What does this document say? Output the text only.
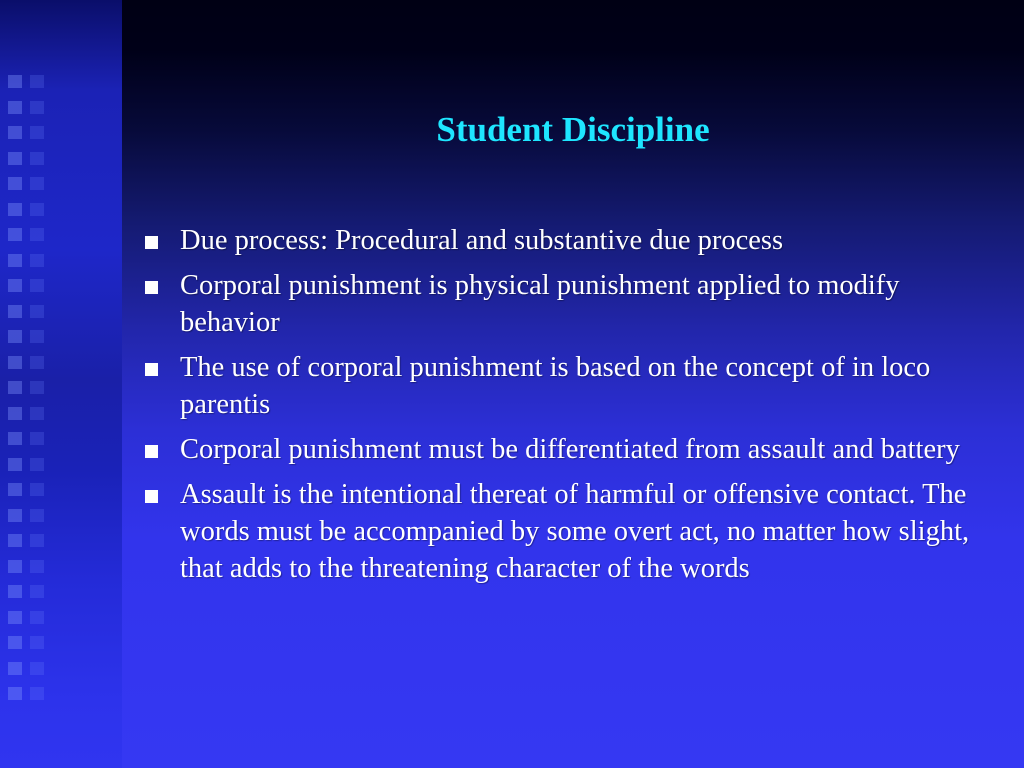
Student Discipline
Due process: Procedural and substantive due process
Corporal punishment is physical punishment applied to modify behavior
The use of corporal punishment is based on the concept of in loco parentis
Corporal punishment must be differentiated from assault and battery
Assault is the intentional thereat of harmful or offensive contact. The words must be accompanied by some overt act, no matter how slight, that adds to the threatening character of the words
